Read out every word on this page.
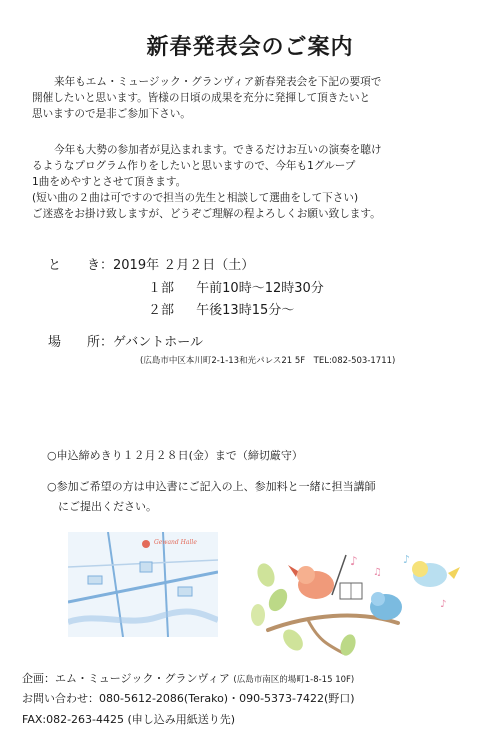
新春発表会のご案内
来年もエム・ミュージック・グランヴィア新春発表会を下記の要項で
開催したいと思います。皆様の日頃の成果を充分に発揮して頂きたいと
思いますので是非ご参加下さい。
今年も大勢の参加者が見込まれます。できるだけお互いの演奏を聴け
るようなプログラム作りをしたいと思いますので、今年も1グループ
1曲をめやすとさせて頂きます。
(短い曲の２曲は可ですので担当の先生と相談して選曲をして下さい)
ご迷惑をお掛け致しますが、どうぞご理解の程よろしくお願い致します。
と　　き：2019年 ２月２日（土）
１部 午前10時〜12時30分
２部 午後13時15分〜
場　　所：ゲバントホール
(広島市中区本川町2-1-13和光パレス21 5F　TEL:082-503-1711)
○申込締めきり１２月２８日(金）まで（締切厳守）
○参加ご希望の方は申込書にご記入の上、参加料と一緒に担当講師
　にご提出ください。
Gewand Halle
♪
♫
♪
♪
企画：エム・ミュージック・グランヴィア (広島市南区的場町1-8-15 10F)
お問い合わせ：080-5612-2086(Terako)・090-5373-7422(野口)
FAX:082-263-4425 (申し込み用紙送り先)
